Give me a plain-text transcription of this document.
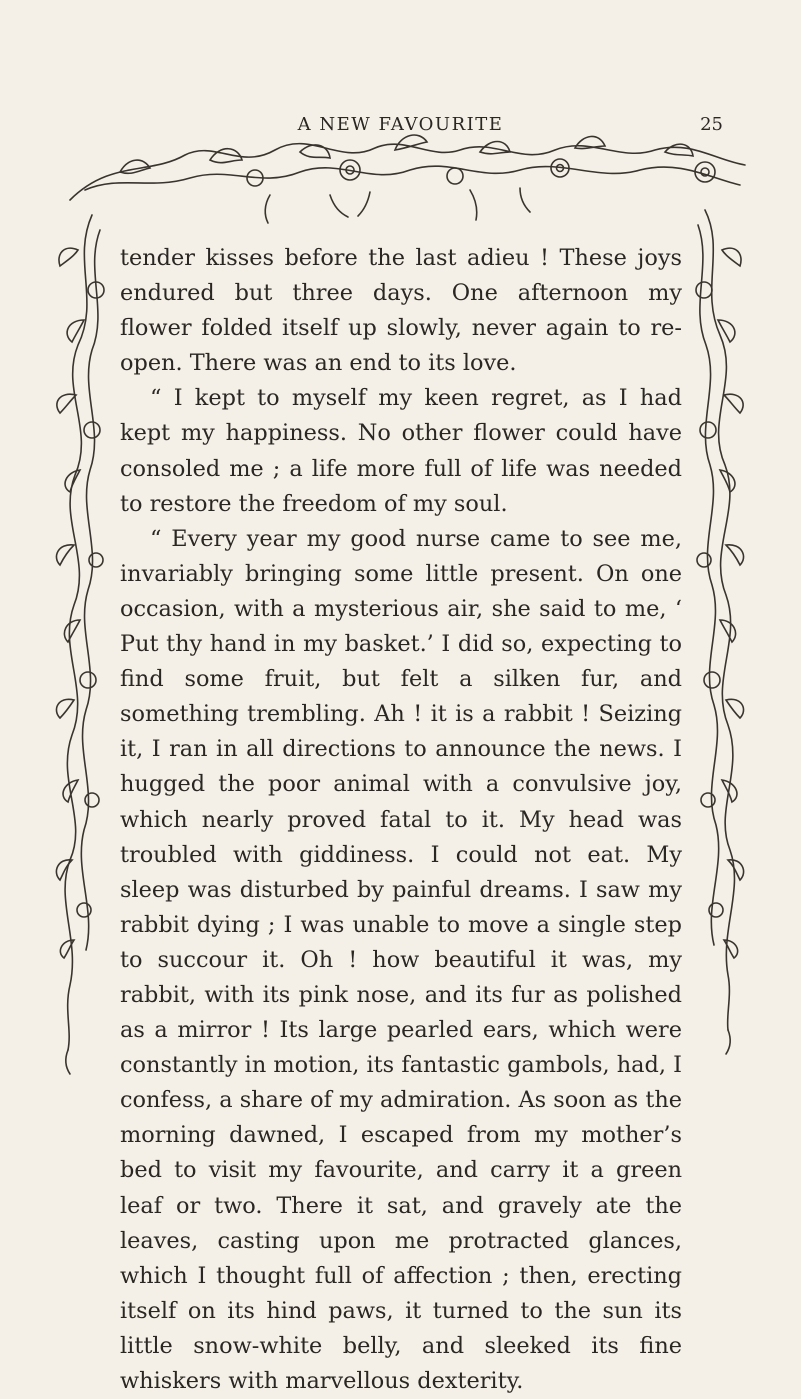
A NEW FAVOURITE	25

tender kisses before the last adieu ! These joys endured but three days. One afternoon my flower folded itself up slowly, never again to re-open. There was an end to its love.

“ I kept to myself my keen regret, as I had kept my happiness. No other flower could have consoled me ; a life more full of life was needed to restore the freedom of my soul.

“ Every year my good nurse came to see me, invariably bringing some little present. On one occasion, with a mysterious air, she said to me, ‘ Put thy hand in my basket.’ I did so, expecting to find some fruit, but felt a silken fur, and something trembling. Ah ! it is a rabbit ! Seizing it, I ran in all directions to announce the news. I hugged the poor animal with a convulsive joy, which nearly proved fatal to it. My head was troubled with giddiness. I could not eat. My sleep was disturbed by painful dreams. I saw my rabbit dying ; I was unable to move a single step to succour it. Oh ! how beautiful it was, my rabbit, with its pink nose, and its fur as polished as a mirror ! Its large pearled ears, which were constantly in motion, its fantastic gambols, had, I confess, a share of my admiration. As soon as the morning dawned, I escaped from my mother’s bed to visit my favourite, and carry it a green leaf or two. There it sat, and gravely ate the leaves, casting upon me protracted glances, which I thought full of affection ; then, erecting itself on its hind paws, it turned to the sun its little snow-white belly, and sleeked its fine whiskers with marvellous dexterity.
